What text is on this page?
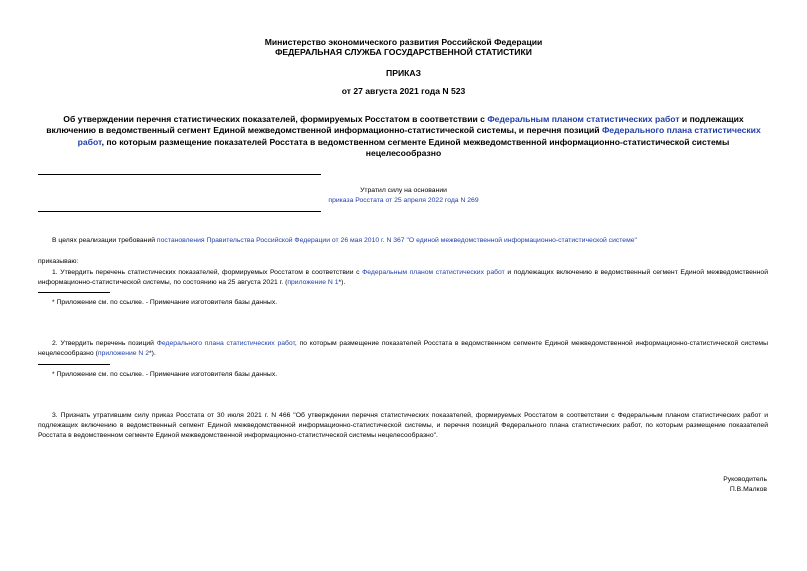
Министерство экономического развития Российской Федерации
ФЕДЕРАЛЬНАЯ СЛУЖБА ГОСУДАРСТВЕННОЙ СТАТИСТИКИ
ПРИКАЗ
от 27 августа 2021 года N 523
Об утверждении перечня статистических показателей, формируемых Росстатом в соответствии с Федеральным планом статистических работ и подлежащих включению в ведомственный сегмент Единой межведомственной информационно-статистической системы, и перечня позиций Федерального плана статистических работ, по которым размещение показателей Росстата в ведомственном сегменте Единой межведомственной информационно-статистической системы нецелесообразно
Утратил силу на основании
приказа Росстата от 25 апреля 2022 года N 269
В целях реализации требований постановления Правительства Российской Федерации от 26 мая 2010 г. N 367 "О единой межведомственной информационно-статистической системе"
приказываю:
1. Утвердить перечень статистических показателей, формируемых Росстатом в соответствии с Федеральным планом статистических работ и подлежащих включению в ведомственный сегмент Единой межведомственной информационно-статистической системы, по состоянию на 25 августа 2021 г. (приложение N 1*).
* Приложение см. по ссылке. - Примечание изготовителя базы данных.
2. Утвердить перечень позиций Федерального плана статистических работ, по которым размещение показателей Росстата в ведомственном сегменте Единой межведомственной информационно-статистической системы нецелесообразно (приложение N 2*).
* Приложение см. по ссылке. - Примечание изготовителя базы данных.
3. Признать утратившим силу приказ Росстата от 30 июля 2021 г. N 466 "Об утверждении перечня статистических показателей, формируемых Росстатом в соответствии с Федеральным планом статистических работ и подлежащих включению в ведомственный сегмент Единой межведомственной информационно-статистической системы, и перечня позиций Федерального плана статистических работ, по которым размещение показателей Росстата в ведомственном сегменте Единой межведомственной информационно-статистической системы нецелесообразно".
Руководитель
П.В.Малков
